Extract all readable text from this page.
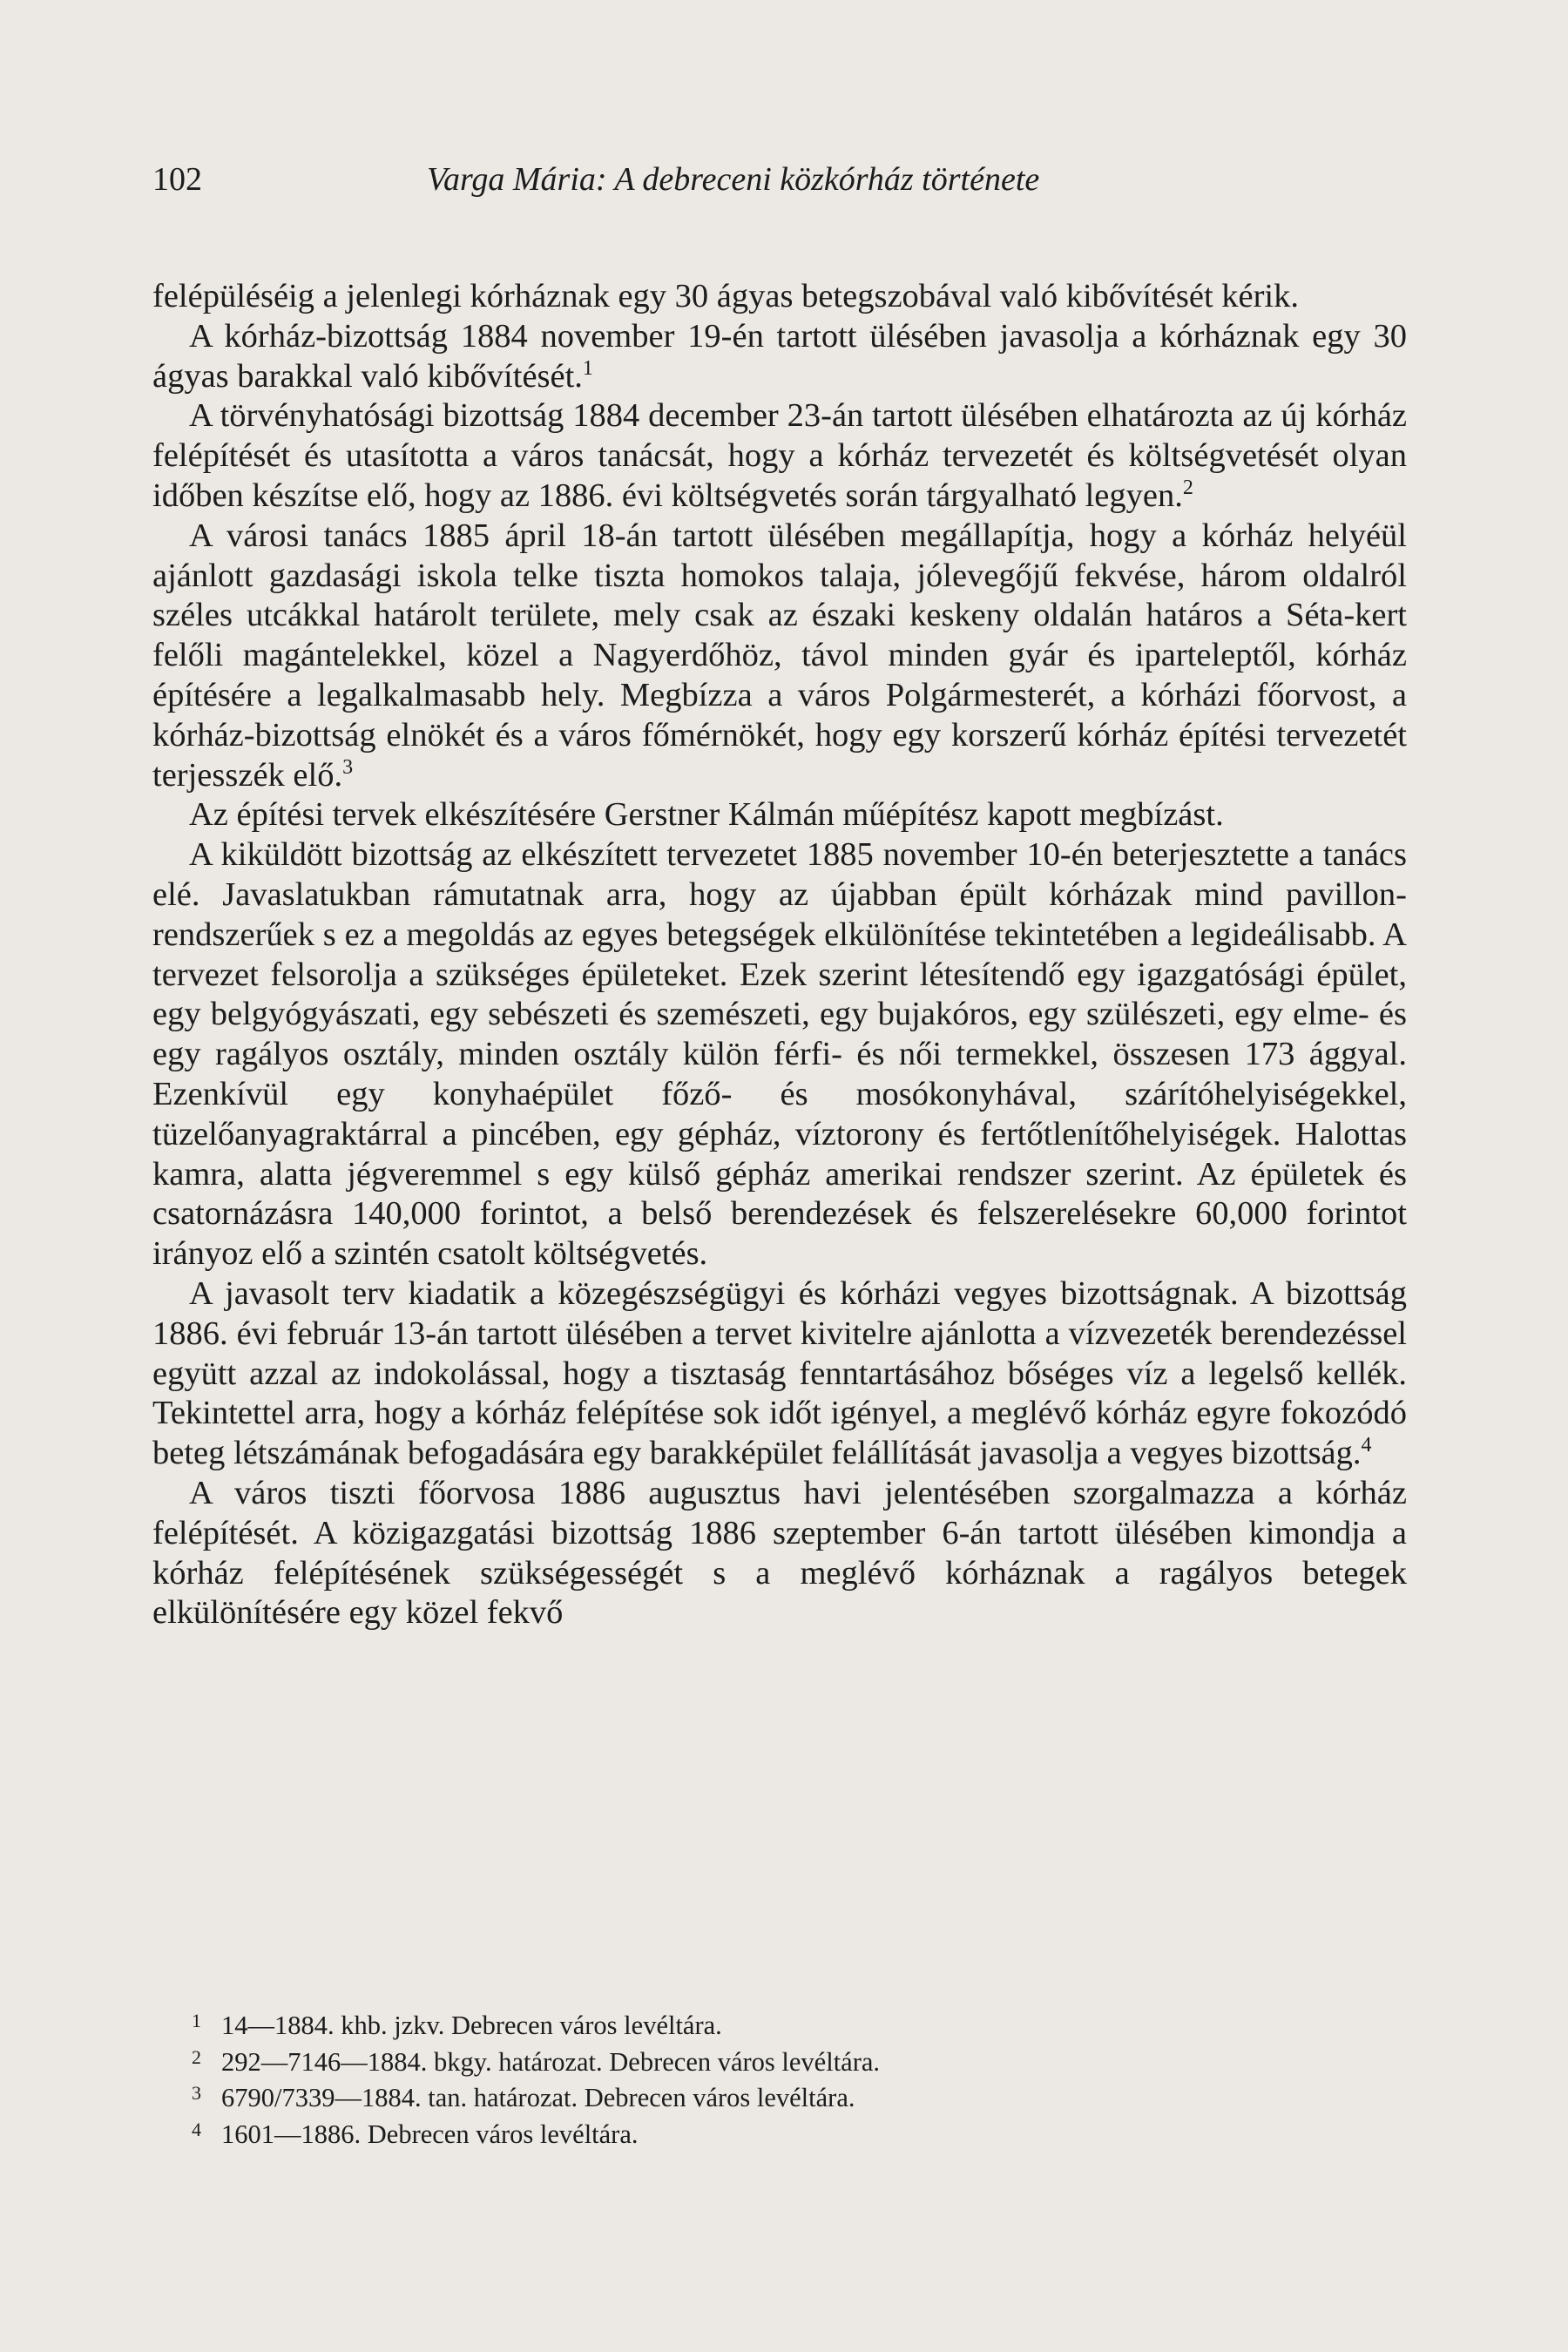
102	Varga Mária: A debreceni közkórház története

felépüléséig a jelenlegi kórháznak egy 30 ágyas betegszobával való kibővítését kérik.

A kórház-bizottság 1884 november 19-én tartott ülésében javasolja a kórháznak egy 30 ágyas barakkal való kibővítését.$^1$

A törvényhatósági bizottság 1884 december 23-án tartott ülésében elhatározta az új kórház felépítését és utasította a város tanácsát, hogy a kórház tervezetét és költségvetését olyan időben készítse elő, hogy az 1886. évi költségvetés során tárgyalható legyen.$^2$

A városi tanács 1885 ápril 18-án tartott ülésében megállapítja, hogy a kórház helyéül ajánlott gazdasági iskola telke tiszta homokos talaja, jólevegőjű fekvése, három oldalról széles utcákkal határolt területe, mely csak az északi keskeny oldalán határos a Séta-kert felőli magántelekkel, közel a Nagyerdőhöz, távol minden gyár és iparteleptől, kórház építésére a legalkalmasabb hely. Megbízza a város Polgármesterét, a kórházi főorvost, a kórház-bizottság elnökét és a város főmérnökét, hogy egy korszerű kórház építési tervezetét terjesszék elő.$^3$

Az építési tervek elkészítésére Gerstner Kálmán műépítész kapott megbízást.

A kiküldött bizottság az elkészített tervezetet 1885 november 10-én beterjesztette a tanács elé. Javaslatukban rámutatnak arra, hogy az újabban épült kórházak mind pavillon-rendszerűek s ez a megoldás az egyes betegségek elkülönítése tekintetében a legideálisabb. A tervezet felsorolja a szükséges épületeket. Ezek szerint létesítendő egy igazgatósági épület, egy belgyógyászati, egy sebészeti és szemészeti, egy bujakóros, egy szülészeti, egy elme- és egy ragályos osztály, minden osztály külön férfi- és női termekkel, összesen 173 ággyal. Ezenkívül egy konyhaépület főző- és mosókonyhával, szárítóhelyiségekkel, tüzelőanyagraktárral a pincében, egy gépház, víztorony és fertőtlenítőhelyiségek. Halottas kamra, alatta jégveremmel s egy külső gépház amerikai rendszer szerint. Az épületek és csatornázásra 140,000 forintot, a belső berendezések és felszerelésekre 60,000 forintot irányoz elő a szintén csatolt költségvetés.

A javasolt terv kiadatik a közegészségügyi és kórházi vegyes bizottságnak. A bizottság 1886. évi február 13-án tartott ülésében a tervet kivitelre ajánlotta a vízvezeték berendezéssel együtt azzal az indokolással, hogy a tisztaság fenntartásához bőséges víz a legelső kellék. Tekintettel arra, hogy a kórház felépítése sok időt igényel, a meglévő kórház egyre fokozódó beteg létszámának befogadására egy barakképület felállítását javasolja a vegyes bizottság.$^4$

A város tiszti főorvosa 1886 augusztus havi jelentésében szorgalmazza a kórház felépítését. A közigazgatási bizottság 1886 szeptember 6-án tartott ülésében kimondja a kórház felépítésének szükségességét s a meglévő kórháznak a ragályos betegek elkülönítésére egy közel fekvő

1 14—1884. khb. jzkv. Debrecen város levéltára.
2 292—7146—1884. bkgy. határozat. Debrecen város levéltára.
3 6790/7339—1884. tan. határozat. Debrecen város levéltára.
4 1601—1886. Debrecen város levéltára.
